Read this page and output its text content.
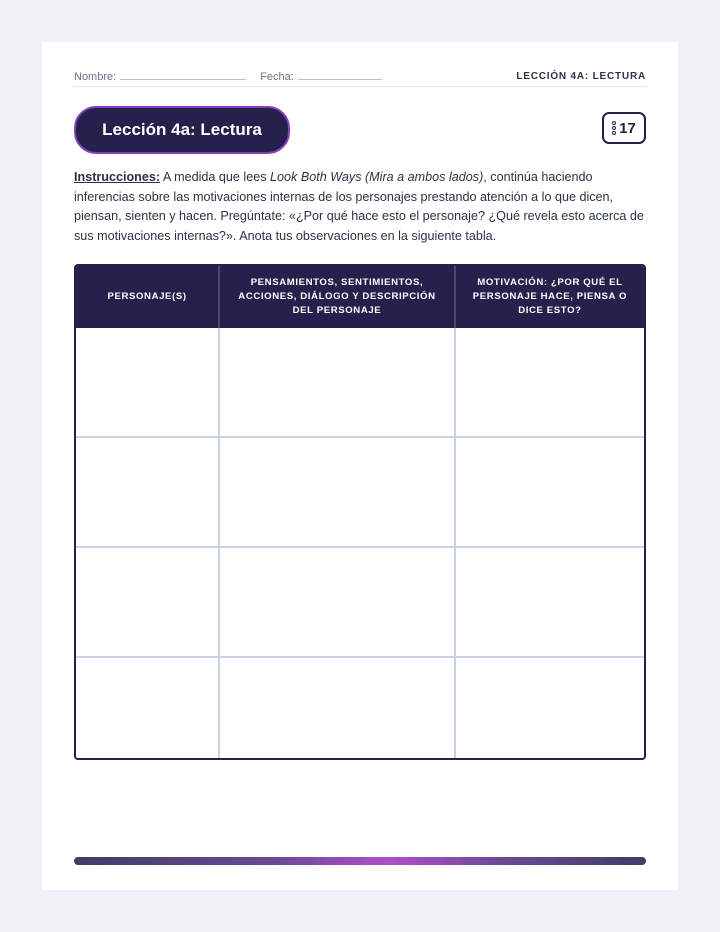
Nombre:	Fecha:	LECCIÓN 4A: LECTURA
Lección 4a: Lectura	17
Instrucciones: A medida que lees Look Both Ways (Mira a ambos lados), continúa haciendo inferencias sobre las motivaciones internas de los personajes prestando atención a lo que dicen, piensan, sienten y hacen. Pregúntate: «¿Por qué hace esto el personaje? ¿Qué revela esto acerca de sus motivaciones internas?». Anota tus observaciones en la siguiente tabla.
PERSONAJE(S)	PENSAMIENTOS, SENTIMIENTOS, ACCIONES, DIÁLOGO Y DESCRIPCIÓN DEL PERSONAJE	MOTIVACIÓN: ¿POR QUÉ EL PERSONAJE HACE, PIENSA O DICE ESTO?
